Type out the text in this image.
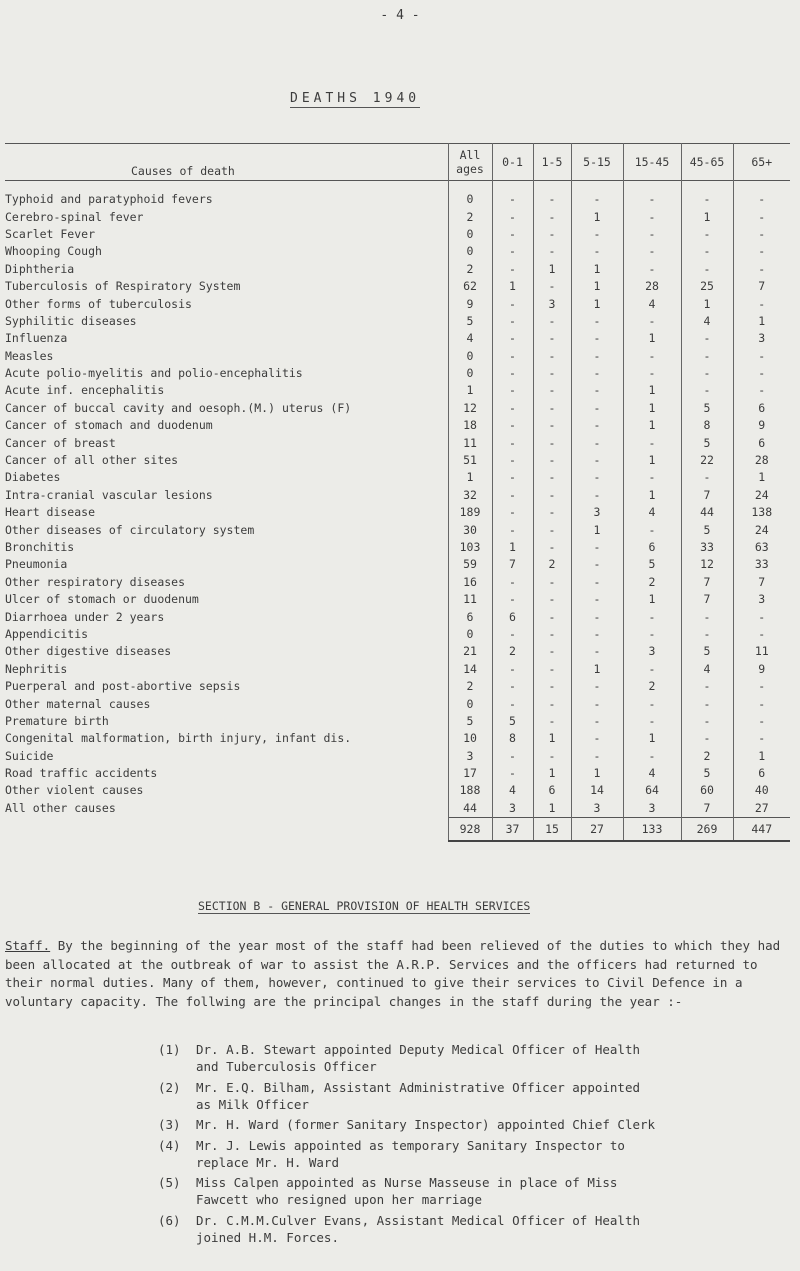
- 4 -
DEATHS 1940
Causes of death	All ages	0-1	1-5	5-15	15-45	45-65	65+
Typhoid and paratyphoid fevers	0	-	-	-	-	-	-
Cerebro-spinal fever	2	-	-	1	-	1	-
Scarlet Fever	0	-	-	-	-	-	-
Whooping Cough	0	-	-	-	-	-	-
Diphtheria	2	-	1	1	-	-	-
Tuberculosis of Respiratory System	62	1	-	1	28	25	7
Other forms of tuberculosis	9	-	3	1	4	1	-
Syphilitic diseases	5	-	-	-	-	4	1
Influenza	4	-	-	-	1	-	3
Measles	0	-	-	-	-	-	-
Acute polio-myelitis and polio-encephalitis	0	-	-	-	-	-	-
Acute inf. encephalitis	1	-	-	-	1	-	-
Cancer of buccal cavity and oesoph.(M.) uterus (F)	12	-	-	-	1	5	6
Cancer of stomach and duodenum	18	-	-	-	1	8	9
Cancer of breast	11	-	-	-	-	5	6
Cancer of all other sites	51	-	-	-	1	22	28
Diabetes	1	-	-	-	-	-	1
Intra-cranial vascular lesions	32	-	-	-	1	7	24
Heart disease	189	-	-	3	4	44	138
Other diseases of circulatory system	30	-	-	1	-	5	24
Bronchitis	103	1	-	-	6	33	63
Pneumonia	59	7	2	-	5	12	33
Other respiratory diseases	16	-	-	-	2	7	7
Ulcer of stomach or duodenum	11	-	-	-	1	7	3
Diarrhoea under 2 years	6	6	-	-	-	-	-
Appendicitis	0	-	-	-	-	-	-
Other digestive diseases	21	2	-	-	3	5	11
Nephritis	14	-	-	1	-	4	9
Puerperal and post-abortive sepsis	2	-	-	-	2	-	-
Other maternal causes	0	-	-	-	-	-	-
Premature birth	5	5	-	-	-	-	-
Congenital malformation, birth injury, infant dis.	10	8	1	-	1	-	-
Suicide	3	-	-	-	-	2	1
Road traffic accidents	17	-	1	1	4	5	6
Other violent causes	188	4	6	14	64	60	40
All other causes	44	3	1	3	3	7	27
	928	37	15	27	133	269	447
SECTION B - GENERAL PROVISION OF HEALTH SERVICES
Staff. By the beginning of the year most of the staff had been relieved of the duties to which they had been allocated at the outbreak of war to assist the A.R.P. Services and the officers had returned to their normal duties. Many of them, however, continued to give their services to Civil Defence in a voluntary capacity. The follwing are the principal changes in the staff during the year :-
(1)	Dr. A.B. Stewart appointed Deputy Medical Officer of Health and Tuberculosis Officer
(2)	Mr. E.Q. Bilham, Assistant Administrative Officer appointed as Milk Officer
(3)	Mr. H. Ward (former Sanitary Inspector) appointed Chief Clerk
(4)	Mr. J. Lewis appointed as temporary Sanitary Inspector to replace Mr. H. Ward
(5)	Miss Calpen appointed as Nurse Masseuse in place of Miss Fawcett who resigned upon her marriage
(6)	Dr. C.M.M.Culver Evans, Assistant Medical Officer of Health joined H.M. Forces.
